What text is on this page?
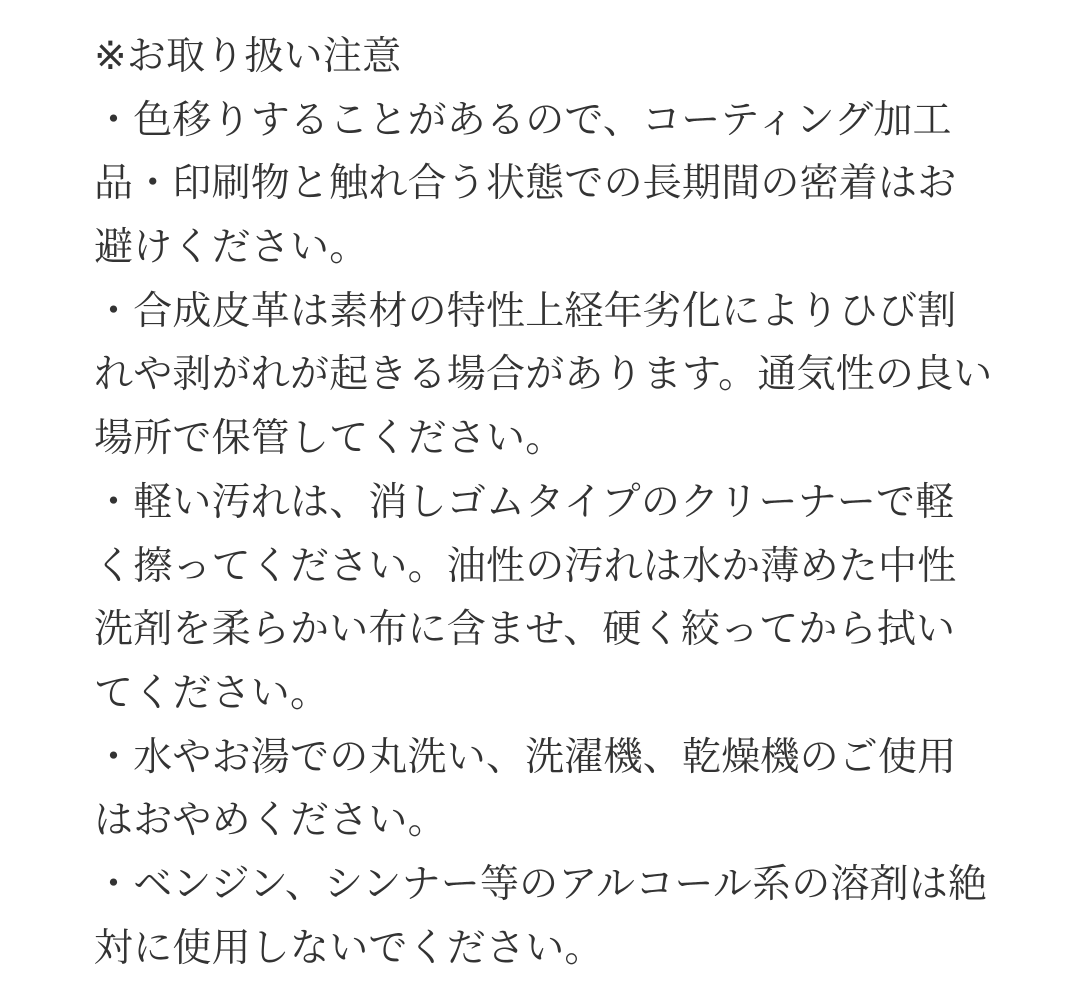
※お取り扱い注意
・色移りすることがあるので、コーティング加工
品・印刷物と触れ合う状態での長期間の密着はお
避けください。
・合成皮革は素材の特性上経年劣化によりひび割
れや剥がれが起きる場合があります。通気性の良い
場所で保管してください。
・軽い汚れは、消しゴムタイプのクリーナーで軽
く擦ってください。油性の汚れは水か薄めた中性
洗剤を柔らかい布に含ませ、硬く絞ってから拭い
てください。
・水やお湯での丸洗い、洗濯機、乾燥機のご使用
はおやめください。
・ベンジン、シンナー等のアルコール系の溶剤は絶
対に使用しないでください。
